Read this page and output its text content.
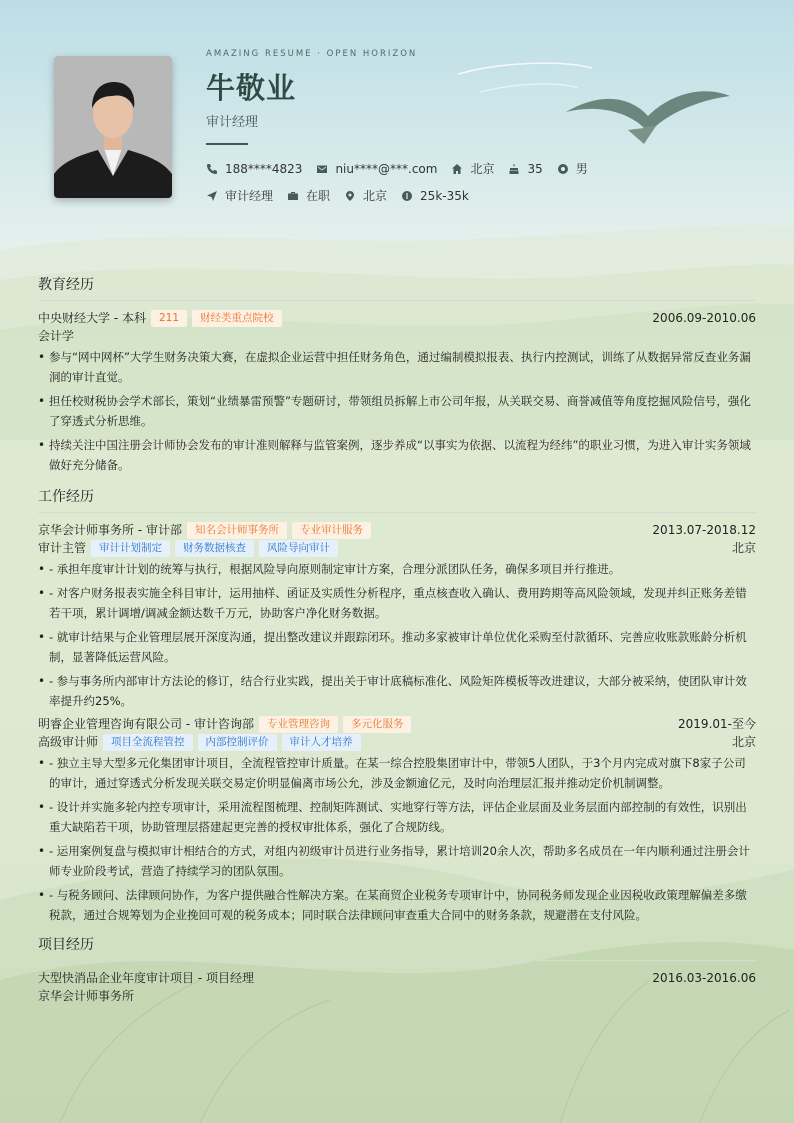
AMAZING RESUME · OPEN HORIZON
牛敬业
审计经理
188****4823	niu****@***.com	北京	35	男
审计经理	在职	北京	25k-35k
教育经历
中央财经大学 - 本科	211	财经类重点院校	2006.09-2010.06
会计学
• 参与“网中网杯”大学生财务决策大赛，在虚拟企业运营中担任财务角色，通过编制模拟报表、执行内控测试，训练了从数据异常反查业务漏洞的审计直觉。
• 担任校财税协会学术部长，策划“业绩暴雷预警”专题研讨，带领组员拆解上市公司年报，从关联交易、商誉减值等角度挖掘风险信号，强化了穿透式分析思维。
• 持续关注中国注册会计师协会发布的审计准则解释与监管案例，逐步养成“以事实为依据、以流程为经纬”的职业习惯，为进入审计实务领域做好充分储备。
工作经历
京华会计师事务所 - 审计部	知名会计师事务所	专业审计服务	2013.07-2018.12
审计主管	审计计划制定	财务数据核查	风险导向审计	北京
• - 承担年度审计计划的统筹与执行，根据风险导向原则制定审计方案，合理分派团队任务，确保多项目并行推进。
• - 对客户财务报表实施全科目审计，运用抽样、函证及实质性分析程序，重点核查收入确认、费用跨期等高风险领域，发现并纠正账务差错若干项，累计调增/调减金额达数千万元，协助客户净化财务数据。
• - 就审计结果与企业管理层展开深度沟通，提出整改建议并跟踪闭环。推动多家被审计单位优化采购至付款循环、完善应收账款账龄分析机制，显著降低运营风险。
• - 参与事务所内部审计方法论的修订，结合行业实践，提出关于审计底稿标准化、风险矩阵模板等改进建议，大部分被采纳，使团队审计效率提升约25%。
明睿企业管理咨询有限公司 - 审计咨询部	专业管理咨询	多元化服务	2019.01-至今
高级审计师	项目全流程管控	内部控制评价	审计人才培养	北京
• - 独立主导大型多元化集团审计项目，全流程管控审计质量。在某一综合控股集团审计中，带领5人团队，于3个月内完成对旗下8家子公司的审计，通过穿透式分析发现关联交易定价明显偏离市场公允，涉及金额逾亿元，及时向治理层汇报并推动定价机制调整。
• - 设计并实施多轮内控专项审计，采用流程图梳理、控制矩阵测试、实地穿行等方法，评估企业层面及业务层面内部控制的有效性，识别出重大缺陷若干项，协助管理层搭建起更完善的授权审批体系，强化了合规防线。
• - 运用案例复盘与模拟审计相结合的方式，对组内初级审计员进行业务指导，累计培训20余人次，帮助多名成员在一年内顺利通过注册会计师专业阶段考试，营造了持续学习的团队氛围。
• - 与税务顾问、法律顾问协作，为客户提供融合性解决方案。在某商贸企业税务专项审计中，协同税务师发现企业因税收政策理解偏差多缴税款，通过合规筹划为企业挽回可观的税务成本；同时联合法律顾问审查重大合同中的财务条款，规避潜在支付风险。
项目经历
大型快消品企业年度审计项目 - 项目经理	2016.03-2016.06
京华会计师事务所
